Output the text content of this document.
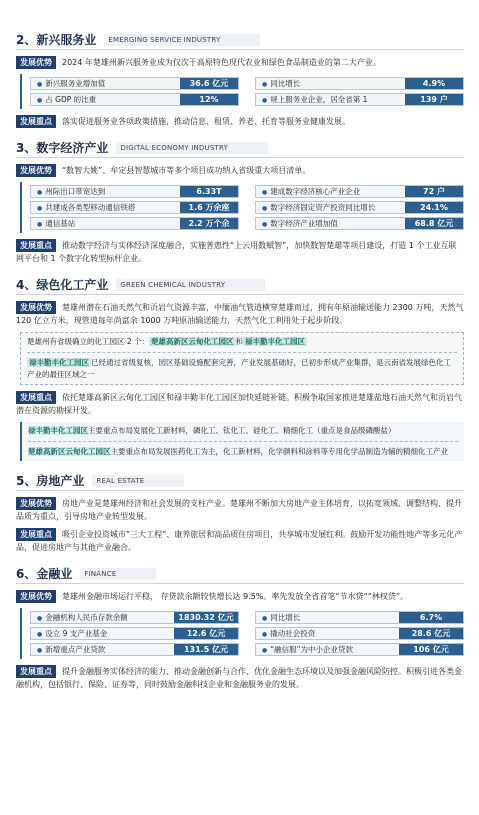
2、 新兴服务业	EMERGING SERVICE INDUSTRY

发展优势 2024 年楚雄州新兴服务业成为仅次于高原特色现代农业和绿色食品制造业的第二大产业。

● 新兴服务业增加值	36.6 亿元	● 同比增长	4.9%
● 占 GDP 的比重	12%	● 规上服务业企业，居全省第 1	139 户

发展重点 落实促进服务业各项政策措施，推动信息、租赁、养老、托育等服务业健康发展。

3、 数字经济产业	DIGITAL ECONOMY INDUSTRY

发展优势 “数智大姚”、牟定县智慧城市等多个项目成功纳入省级重大项目清单。

● 州际出口带宽达到	6.33T	● 建成数字经济核心产业企业	72 户
● 共建成各类型移动通信铁塔	1.6 万余座	● 数字经济固定资产投资同比增长	24.1%
● 通信基站	2.2 万个余	● 数字经济产业增加值	68.8 亿元

发展重点 推动数字经济与实体经济深度融合，实施普惠性“上云用数赋智”，加快数智楚雄等项目建设，打造 1 个工业互联网平台和 1 个数字化转型标杆企业。

4、 绿色化工产业	GREEN CHEMICAL INDUSTRY

发展优势 楚雄州潜在石油天然气和贡岩气资源丰富，中缅油气管道横穿楚雄而过，拥有年原油输送能力 2300 万吨，天然气 120 亿立方米，现管道每年尚富余 1000 万吨原油输送能力，天然气化工利用处于起步阶段。

楚雄州有省级确立的化工园区 2 个： 楚雄高新区云甸化工园区 和 禄丰勤丰化工园区
禄丰勤丰化工园区 已经通过省级复核，园区基础设施配套完善，产业发展基础好，已初步形成产业集群，是云南省发展绿色化工产业的最佳区域之一

发展重点 依托楚雄高新区云甸化工园区和禄丰勤丰化工园区加快延链补链。积极争取国家推进楚雄盐地石油天然气和贡岩气潜在资源的勘探开发。

禄丰勤丰化工园区主要重点布局发展化工新材料，磷化工、钛化工、硅化工、精细化工（重点是食品级磷酸盐）
楚雄高新区云甸化工园区主要重点布局发展医药化工为主，化工新材料，化学颜料和涂料等专用化学品制造为辅的精细化工产业
5、 房地产业	REAL ESTATE

发展优势 房地产业是楚雄州经济和社会发展的支柱产业。楚雄州不断加大房地产业主体培育，以拓宽领域、调整结构、提升品质为重点，引导房地产业转型发展。

发展重点 吸引企业投资城市“三大工程”、康养旅居和高品质住房项目，共享城市发展红利。鼓励开发功能性地产等多元化产品，促进房地产与其他产业融合。

6、 金融业	FINANCE

发展优势 楚雄州金融市场运行平稳， 存贷款余额较快增长达 9.5%。率先发放全省首笔“节水贷”“林权贷”。

● 金融机构人民币存款余额	1830.32 亿元	● 同比增长	6.7%
● 设立 9 支产业基金	12.6 亿元	● 撬动社会投资	28.6 亿元
● 新增重点产业贷款	131.5 亿元	● “融信服”为中小企业贷款	106 亿元

发展重点 提升金融服务实体经济的能力、推动金融创新与合作、优化金融生态环境以及加强金融风险防控。积极引进各类金融机构，包括银行、保险、证券等，同时鼓励金融科技企业和金融服务业的发展。
